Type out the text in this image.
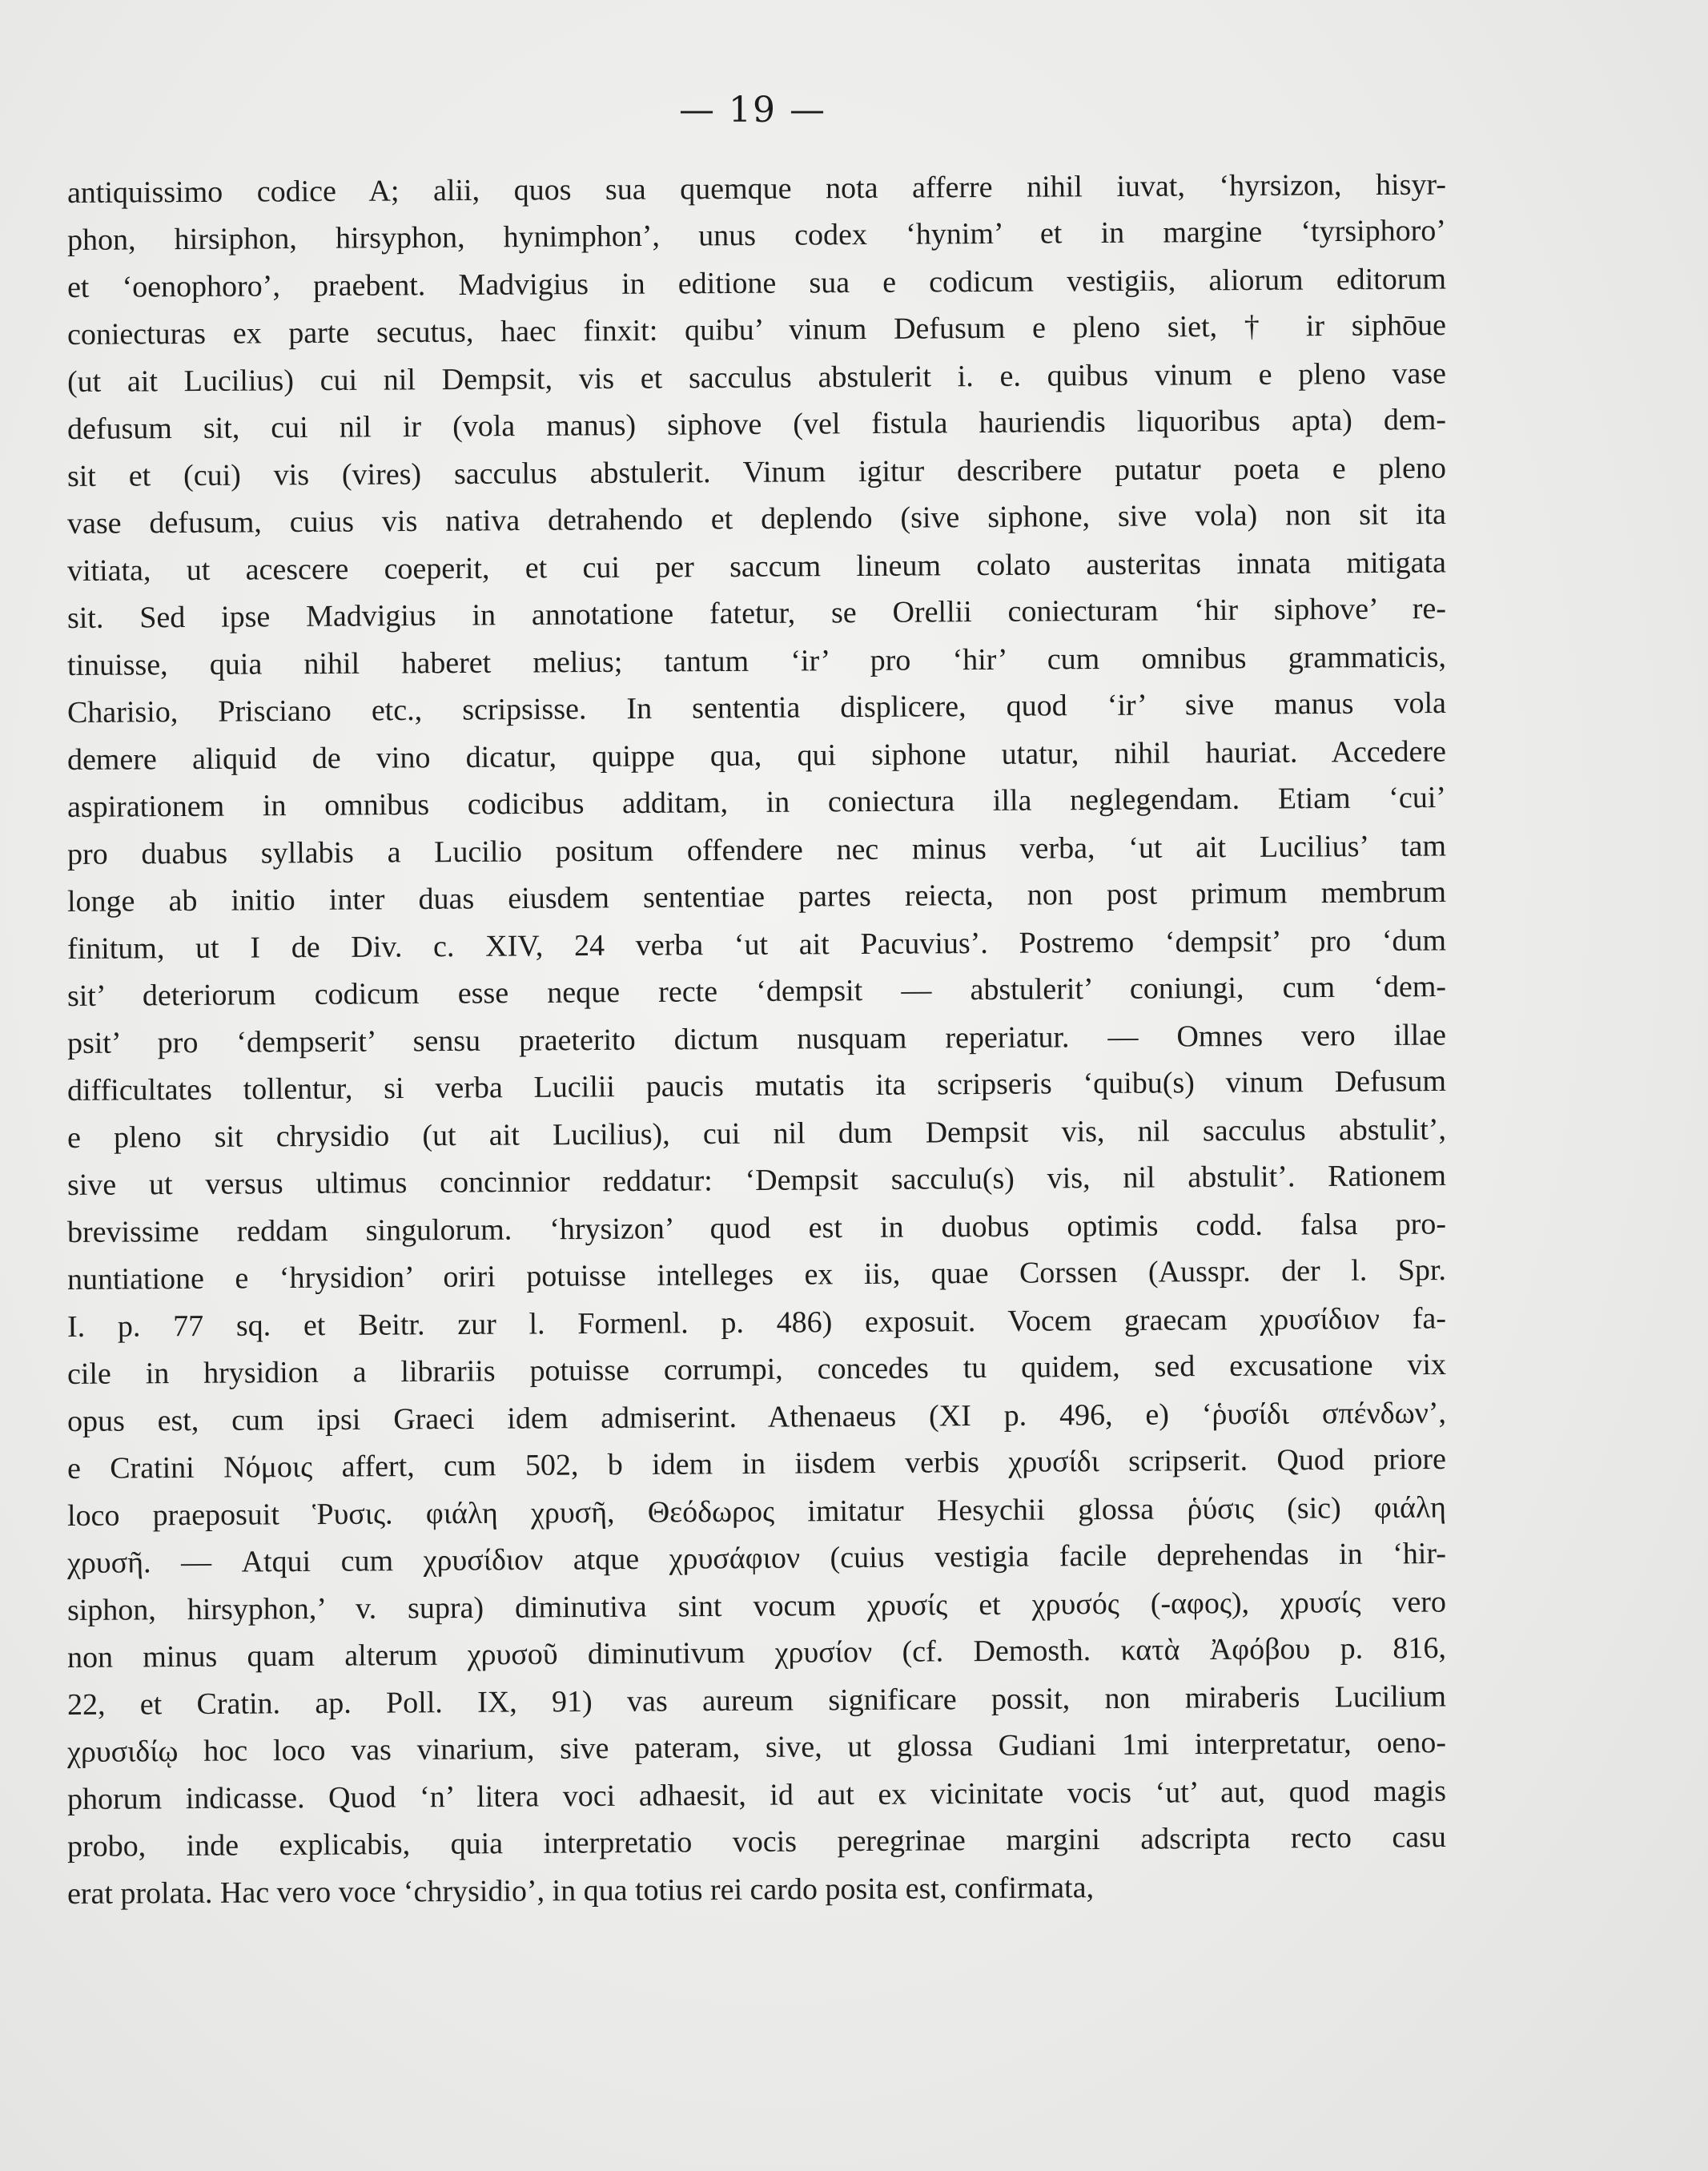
— 19 —
antiquissimo codice A; alii, quos sua quemque nota afferre nihil iuvat, ‘hyrsizon, hisyr-
phon, hirsiphon, hirsyphon, hynimphon’, unus codex ‘hynim’ et in margine ‘tyrsiphoro’
et ‘oenophoro’, praebent. Madvigius in editione sua e codicum vestigiis, aliorum editorum
coniecturas ex parte secutus, haec finxit: quibu’ vinum Defusum e pleno siet, † ir siphōue
(ut ait Lucilius) cui nil Dempsit, vis et sacculus abstulerit i. e. quibus vinum e pleno vase
defusum sit, cui nil ir (vola manus) siphove (vel fistula hauriendis liquoribus apta) dem-
sit et (cui) vis (vires) sacculus abstulerit. Vinum igitur describere putatur poeta e pleno
vase defusum, cuius vis nativa detrahendo et deplendo (sive siphone, sive vola) non sit ita
vitiata, ut acescere coeperit, et cui per saccum lineum colato austeritas innata mitigata
sit. Sed ipse Madvigius in annotatione fatetur, se Orellii coniecturam ‘hir siphove’ re-
tinuisse, quia nihil haberet melius; tantum ‘ir’ pro ‘hir’ cum omnibus grammaticis,
Charisio, Prisciano etc., scripsisse. In sententia displicere, quod ‘ir’ sive manus vola
demere aliquid de vino dicatur, quippe qua, qui siphone utatur, nihil hauriat. Accedere
aspirationem in omnibus codicibus additam, in coniectura illa neglegendam. Etiam ‘cui’
pro duabus syllabis a Lucilio positum offendere nec minus verba, ‘ut ait Lucilius’ tam
longe ab initio inter duas eiusdem sententiae partes reiecta, non post primum membrum
finitum, ut I de Div. c. XIV, 24 verba ‘ut ait Pacuvius’. Postremo ‘dempsit’ pro ‘dum
sit’ deteriorum codicum esse neque recte ‘dempsit — abstulerit’ coniungi, cum ‘dem-
psit’ pro ‘dempserit’ sensu praeterito dictum nusquam reperiatur. — Omnes vero illae
difficultates tollentur, si verba Lucilii paucis mutatis ita scripseris ‘quibu(s) vinum Defusum
e pleno sit chrysidio (ut ait Lucilius), cui nil dum Dempsit vis, nil sacculus abstulit’,
sive ut versus ultimus concinnior reddatur: ‘Dempsit sacculu(s) vis, nil abstulit’. Rationem
brevissime reddam singulorum. ‘hrysizon’ quod est in duobus optimis codd. falsa pro-
nuntiatione e ‘hrysidion’ oriri potuisse intelleges ex iis, quae Corssen (Ausspr. der l. Spr.
I. p. 77 sq. et Beitr. zur l. Formenl. p. 486) exposuit. Vocem graecam χρυσίδιον fa-
cile in hrysidion a librariis potuisse corrumpi, concedes tu quidem, sed excusatione vix
opus est, cum ipsi Graeci idem admiserint. Athenaeus (XI p. 496, e) ‘ῥυσίδι σπένδων’,
e Cratini Νόμοις affert, cum 502, b idem in iisdem verbis χρυσίδι scripserit. Quod priore
loco praeposuit Ῥυσις. φιάλη χρυσῆ, Θεόδωρος imitatur Hesychii glossa ῥύσις (sic) φιάλη
χρυσῆ. — Atqui cum χρυσίδιον atque χρυσάφιον (cuius vestigia facile deprehendas in ‘hir-
siphon, hirsyphon,’ v. supra) diminutiva sint vocum χρυσίς et χρυσός (-αφος), χρυσίς vero
non minus quam alterum χρυσοῦ diminutivum χρυσίον (cf. Demosth. κατὰ Ἀφόβου p. 816,
22, et Cratin. ap. Poll. IX, 91) vas aureum significare possit, non miraberis Lucilium
χρυσιδίῳ hoc loco vas vinarium, sive pateram, sive, ut glossa Gudiani 1mi interpretatur, oeno-
phorum indicasse. Quod ‘n’ litera voci adhaesit, id aut ex vicinitate vocis ‘ut’ aut, quod magis
probo, inde explicabis, quia interpretatio vocis peregrinae margini adscripta recto casu
erat prolata. Hac vero voce ‘chrysidio’, in qua totius rei cardo posita est, confirmata,
